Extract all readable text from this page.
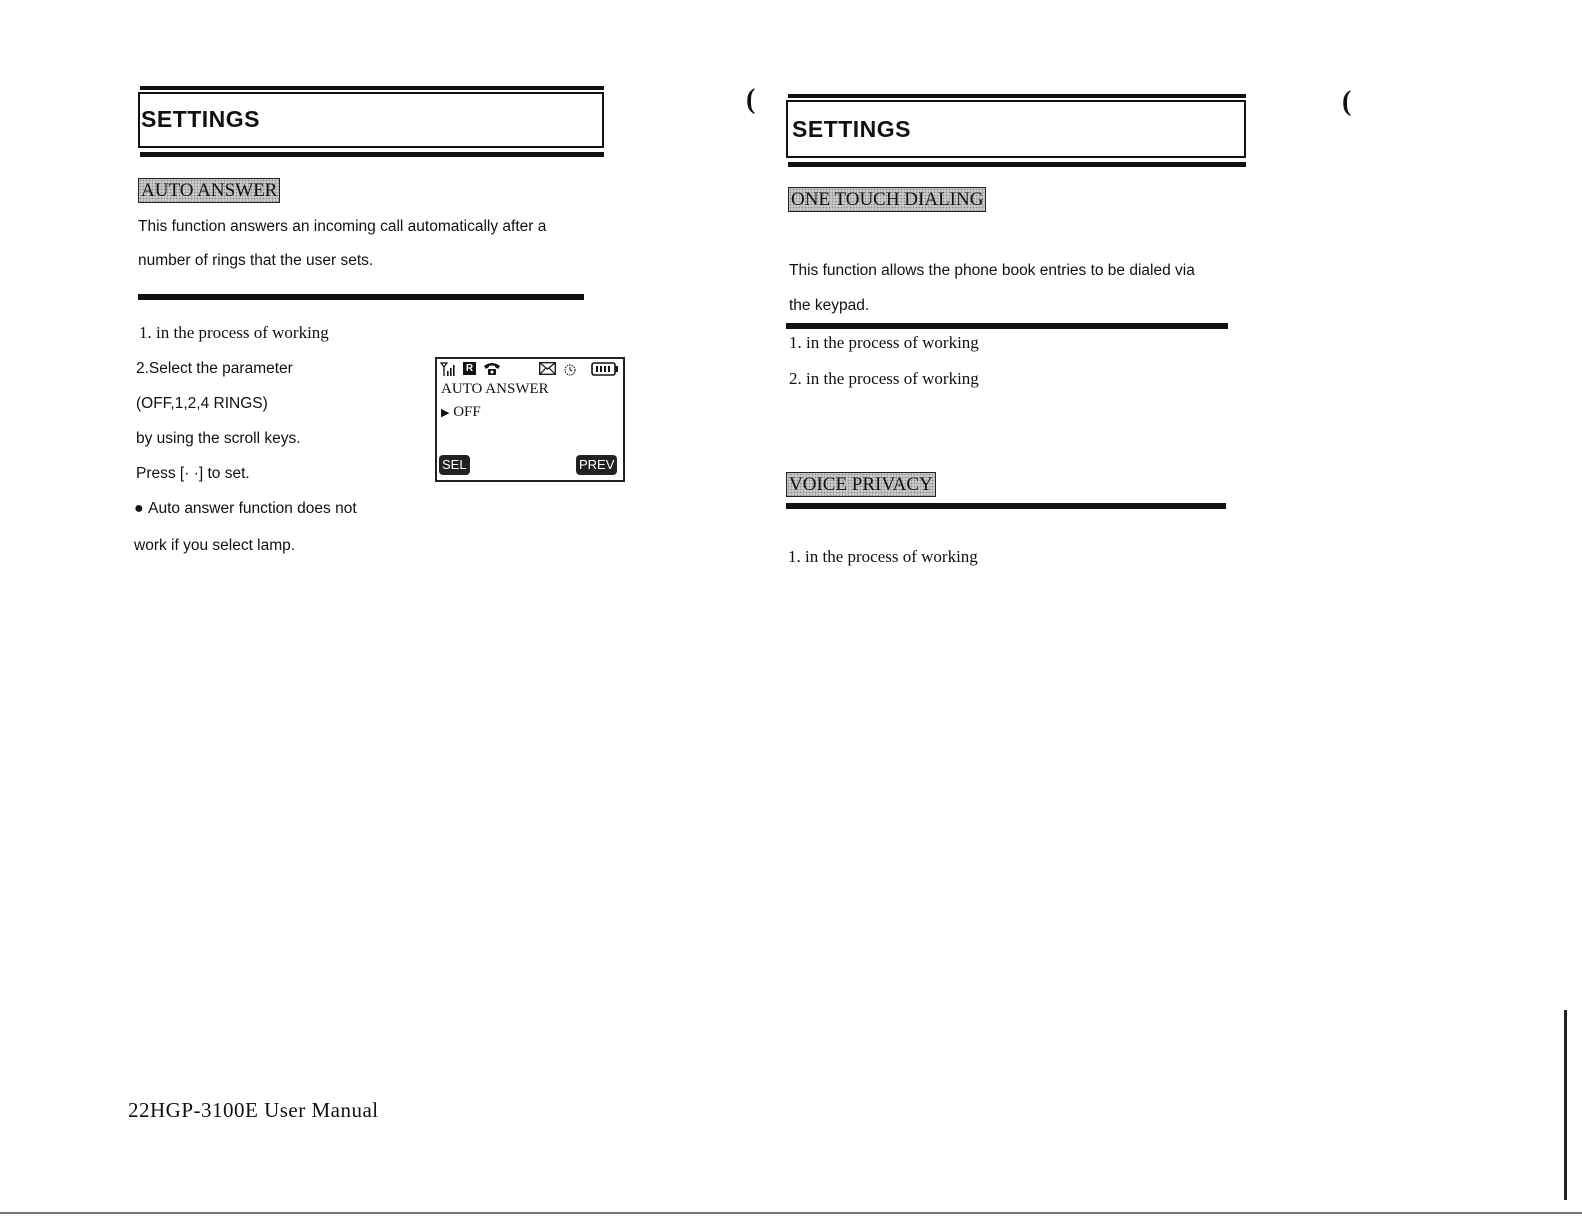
SETTINGS
AUTO ANSWER
This function answers an incoming call automatically after a
number of rings that the user sets.
1. in the process of working
2.Select the parameter
(OFF,1,2,4 RINGS)
by using the scroll keys.
Press [· ·] to set.
● Auto answer function does not
work if you select lamp.
R
AUTO ANSWER
▶ OFF
SEL	PREV
22HGP-3100E User Manual
(	(
SETTINGS
ONE TOUCH DIALING
This function allows the phone book entries to be dialed via
the keypad.
1. in the process of working
2. in the process of working
VOICE PRIVACY
1. in the process of working
